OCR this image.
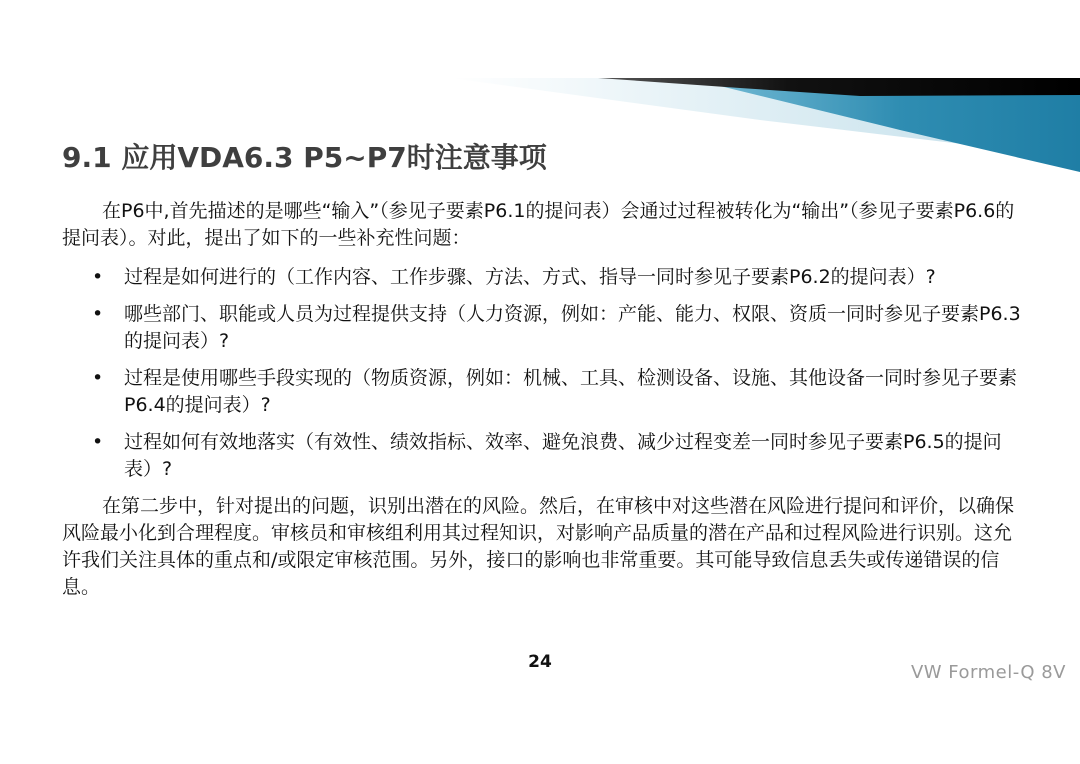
9.1 应用VDA6.3 P5~P7时注意事项

在P6中,首先描述的是哪些“输入”（参见子要素P6.1的提问表）会通过过程被转化为“输出”（参见子要素P6.6的提问表）。对此，提出了如下的一些补充性问题：

• 过程是如何进行的（工作内容、工作步骤、方法、方式、指导一同时参见子要素P6.2的提问表）?
• 哪些部门、职能或人员为过程提供支持（人力资源，例如：产能、能力、权限、资质一同时参见子要素P6.3的提问表）?
• 过程是使用哪些手段实现的（物质资源，例如：机械、工具、检测设备、设施、其他设备一同时参见子要素P6.4的提问表）?
• 过程如何有效地落实（有效性、绩效指标、效率、避免浪费、减少过程变差一同时参见子要素P6.5的提问表）?

在第二步中，针对提出的问题，识别出潜在的风险。然后，在审核中对这些潜在风险进行提问和评价，以确保风险最小化到合理程度。审核员和审核组利用其过程知识，对影响产品质量的潜在产品和过程风险进行识别。这允许我们关注具体的重点和/或限定审核范围。另外，接口的影响也非常重要。其可能导致信息丢失或传递错误的信息。

24	VW Formel-Q 8V
